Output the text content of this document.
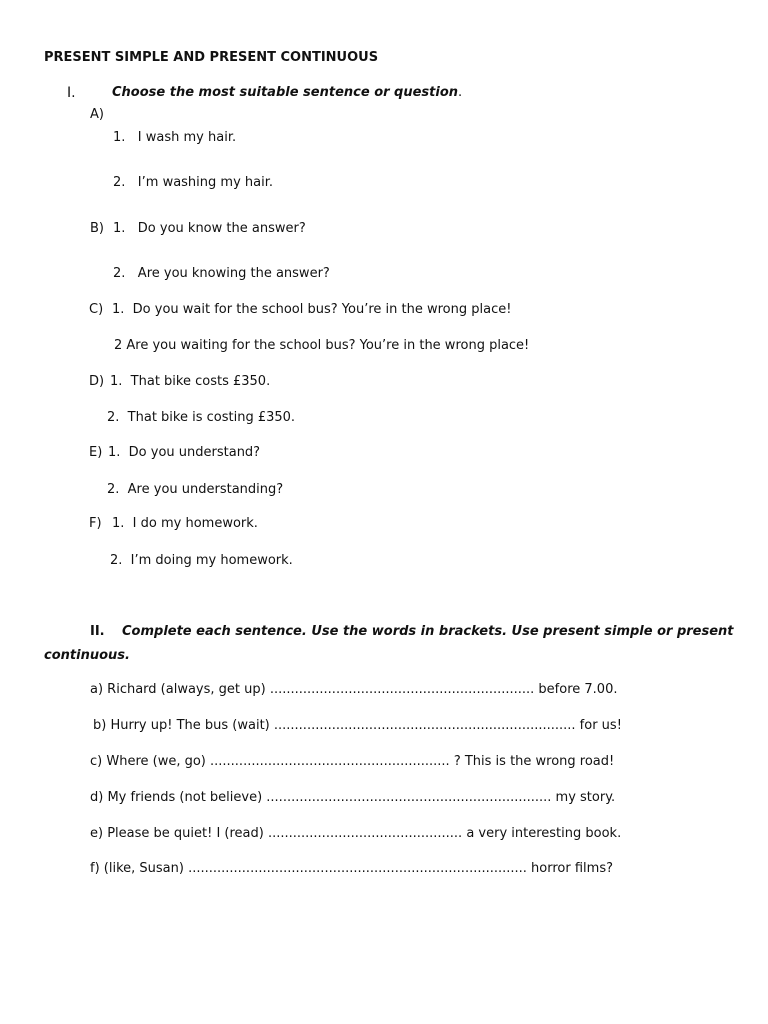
PRESENT SIMPLE AND PRESENT CONTINUOUS
I.	Choose the most suitable sentence or question.
A)
1.   I wash my hair.
2.   I’m washing my hair.
B) 1.   Do you know the answer?
2.   Are you knowing the answer?
C) 1.  Do you wait for the school bus? You’re in the wrong place!
2 Are you waiting for the school bus? You’re in the wrong place!
D) 1.  That bike costs £350.
2.  That bike is costing £350.
E) 1.  Do you understand?
2.  Are you understanding?
F) 1.  I do my homework.
2.  I’m doing my homework.
II. Complete each sentence. Use the words in brackets. Use present simple or present
continuous.
a) Richard (always, get up) ................................................................ before 7.00.
b) Hurry up! The bus (wait) ......................................................................... for us!
c) Where (we, go) .......................................................... ? This is the wrong road!
d) My friends (not believe) ..................................................................... my story.
e) Please be quiet! I (read) ............................................... a very interesting book.
f) (like, Susan) .................................................................................. horror films?
